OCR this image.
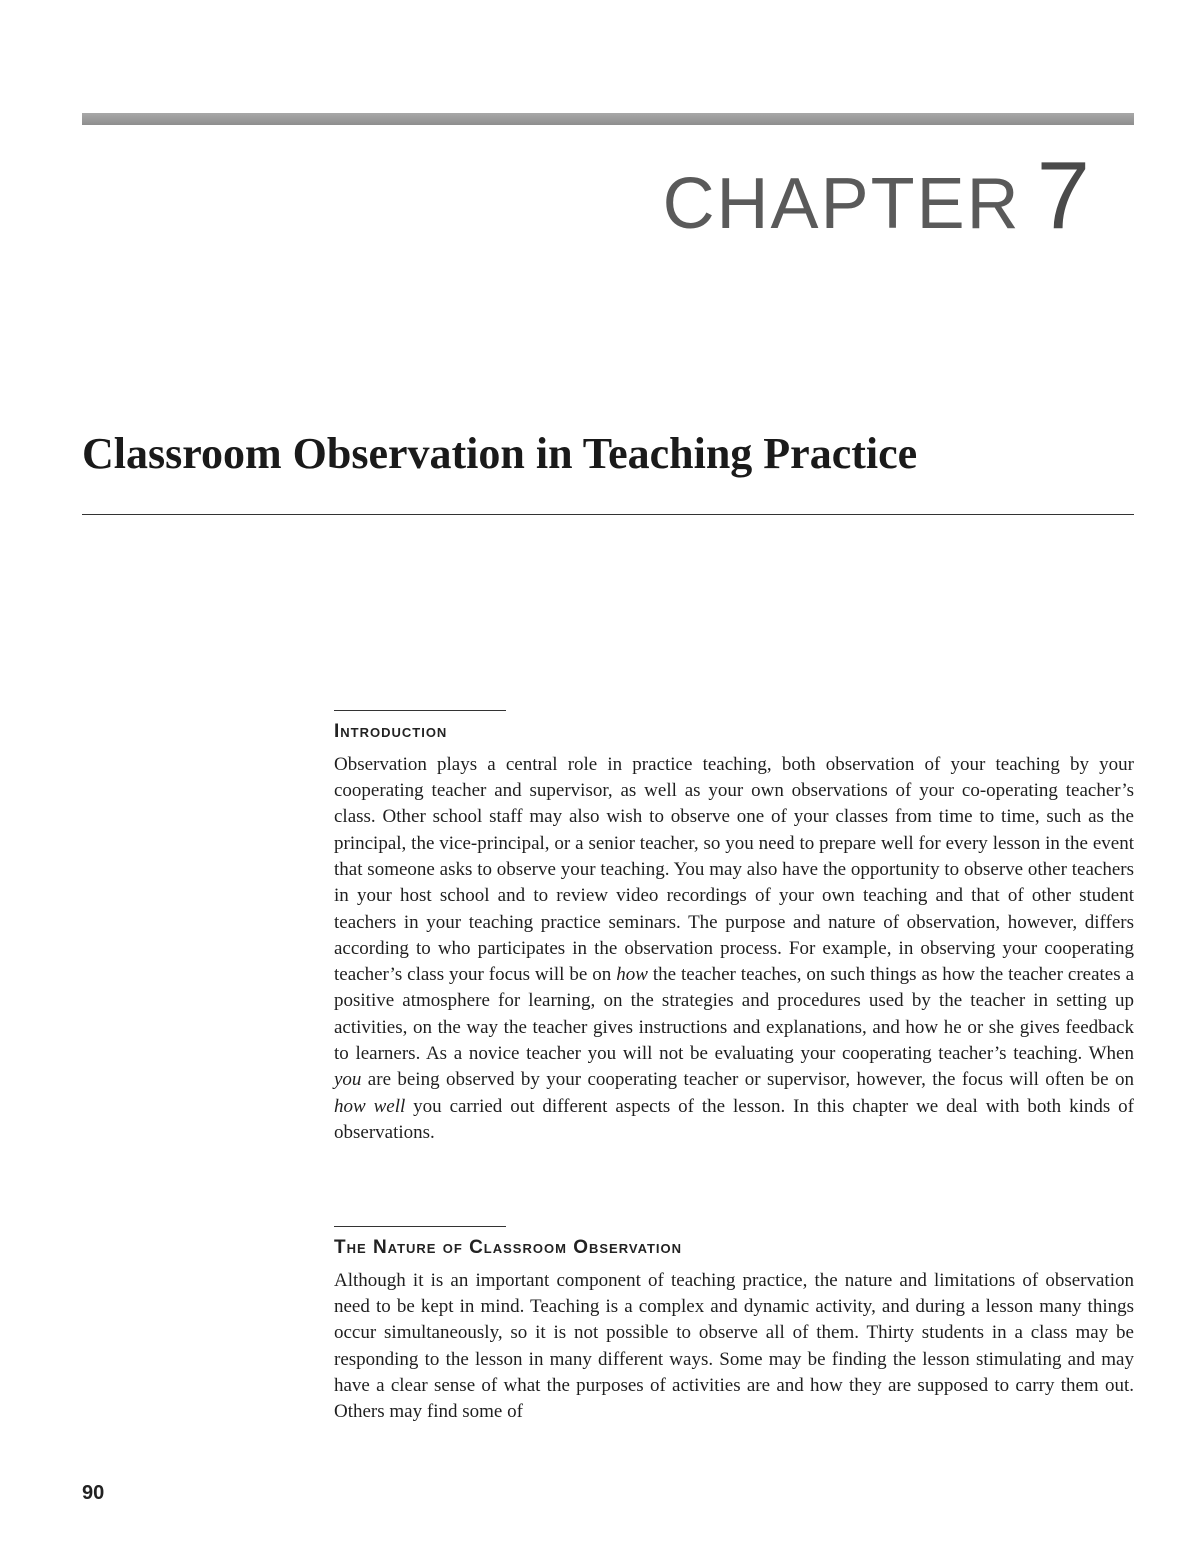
CHAPTER 7
Classroom Observation in Teaching Practice
Introduction

Observation plays a central role in practice teaching, both observation of your teaching by your cooperating teacher and supervisor, as well as your own observations of your co-operating teacher’s class. Other school staff may also wish to observe one of your classes from time to time, such as the principal, the vice-principal, or a senior teacher, so you need to prepare well for every lesson in the event that someone asks to observe your teaching. You may also have the opportunity to observe other teachers in your host school and to review video recordings of your own teaching and that of other student teachers in your teaching practice seminars. The purpose and nature of observation, however, differs according to who participates in the observation process. For example, in observing your cooperating teacher’s class your focus will be on how the teacher teaches, on such things as how the teacher creates a positive atmosphere for learning, on the strategies and procedures used by the teacher in setting up activities, on the way the teacher gives instructions and explanations, and how he or she gives feedback to learners. As a novice teacher you will not be evaluating your cooperating teacher’s teaching. When you are being observed by your cooperating teacher or supervisor, however, the focus will often be on how well you carried out different aspects of the lesson. In this chapter we deal with both kinds of observations.

The Nature of Classroom Observation

Although it is an important component of teaching practice, the nature and limitations of observation need to be kept in mind. Teaching is a complex and dynamic activity, and during a lesson many things occur simultaneously, so it is not possible to observe all of them. Thirty students in a class may be responding to the lesson in many different ways. Some may be finding the lesson stimulating and may have a clear sense of what the purposes of activities are and how they are supposed to carry them out. Others may find some of

90
